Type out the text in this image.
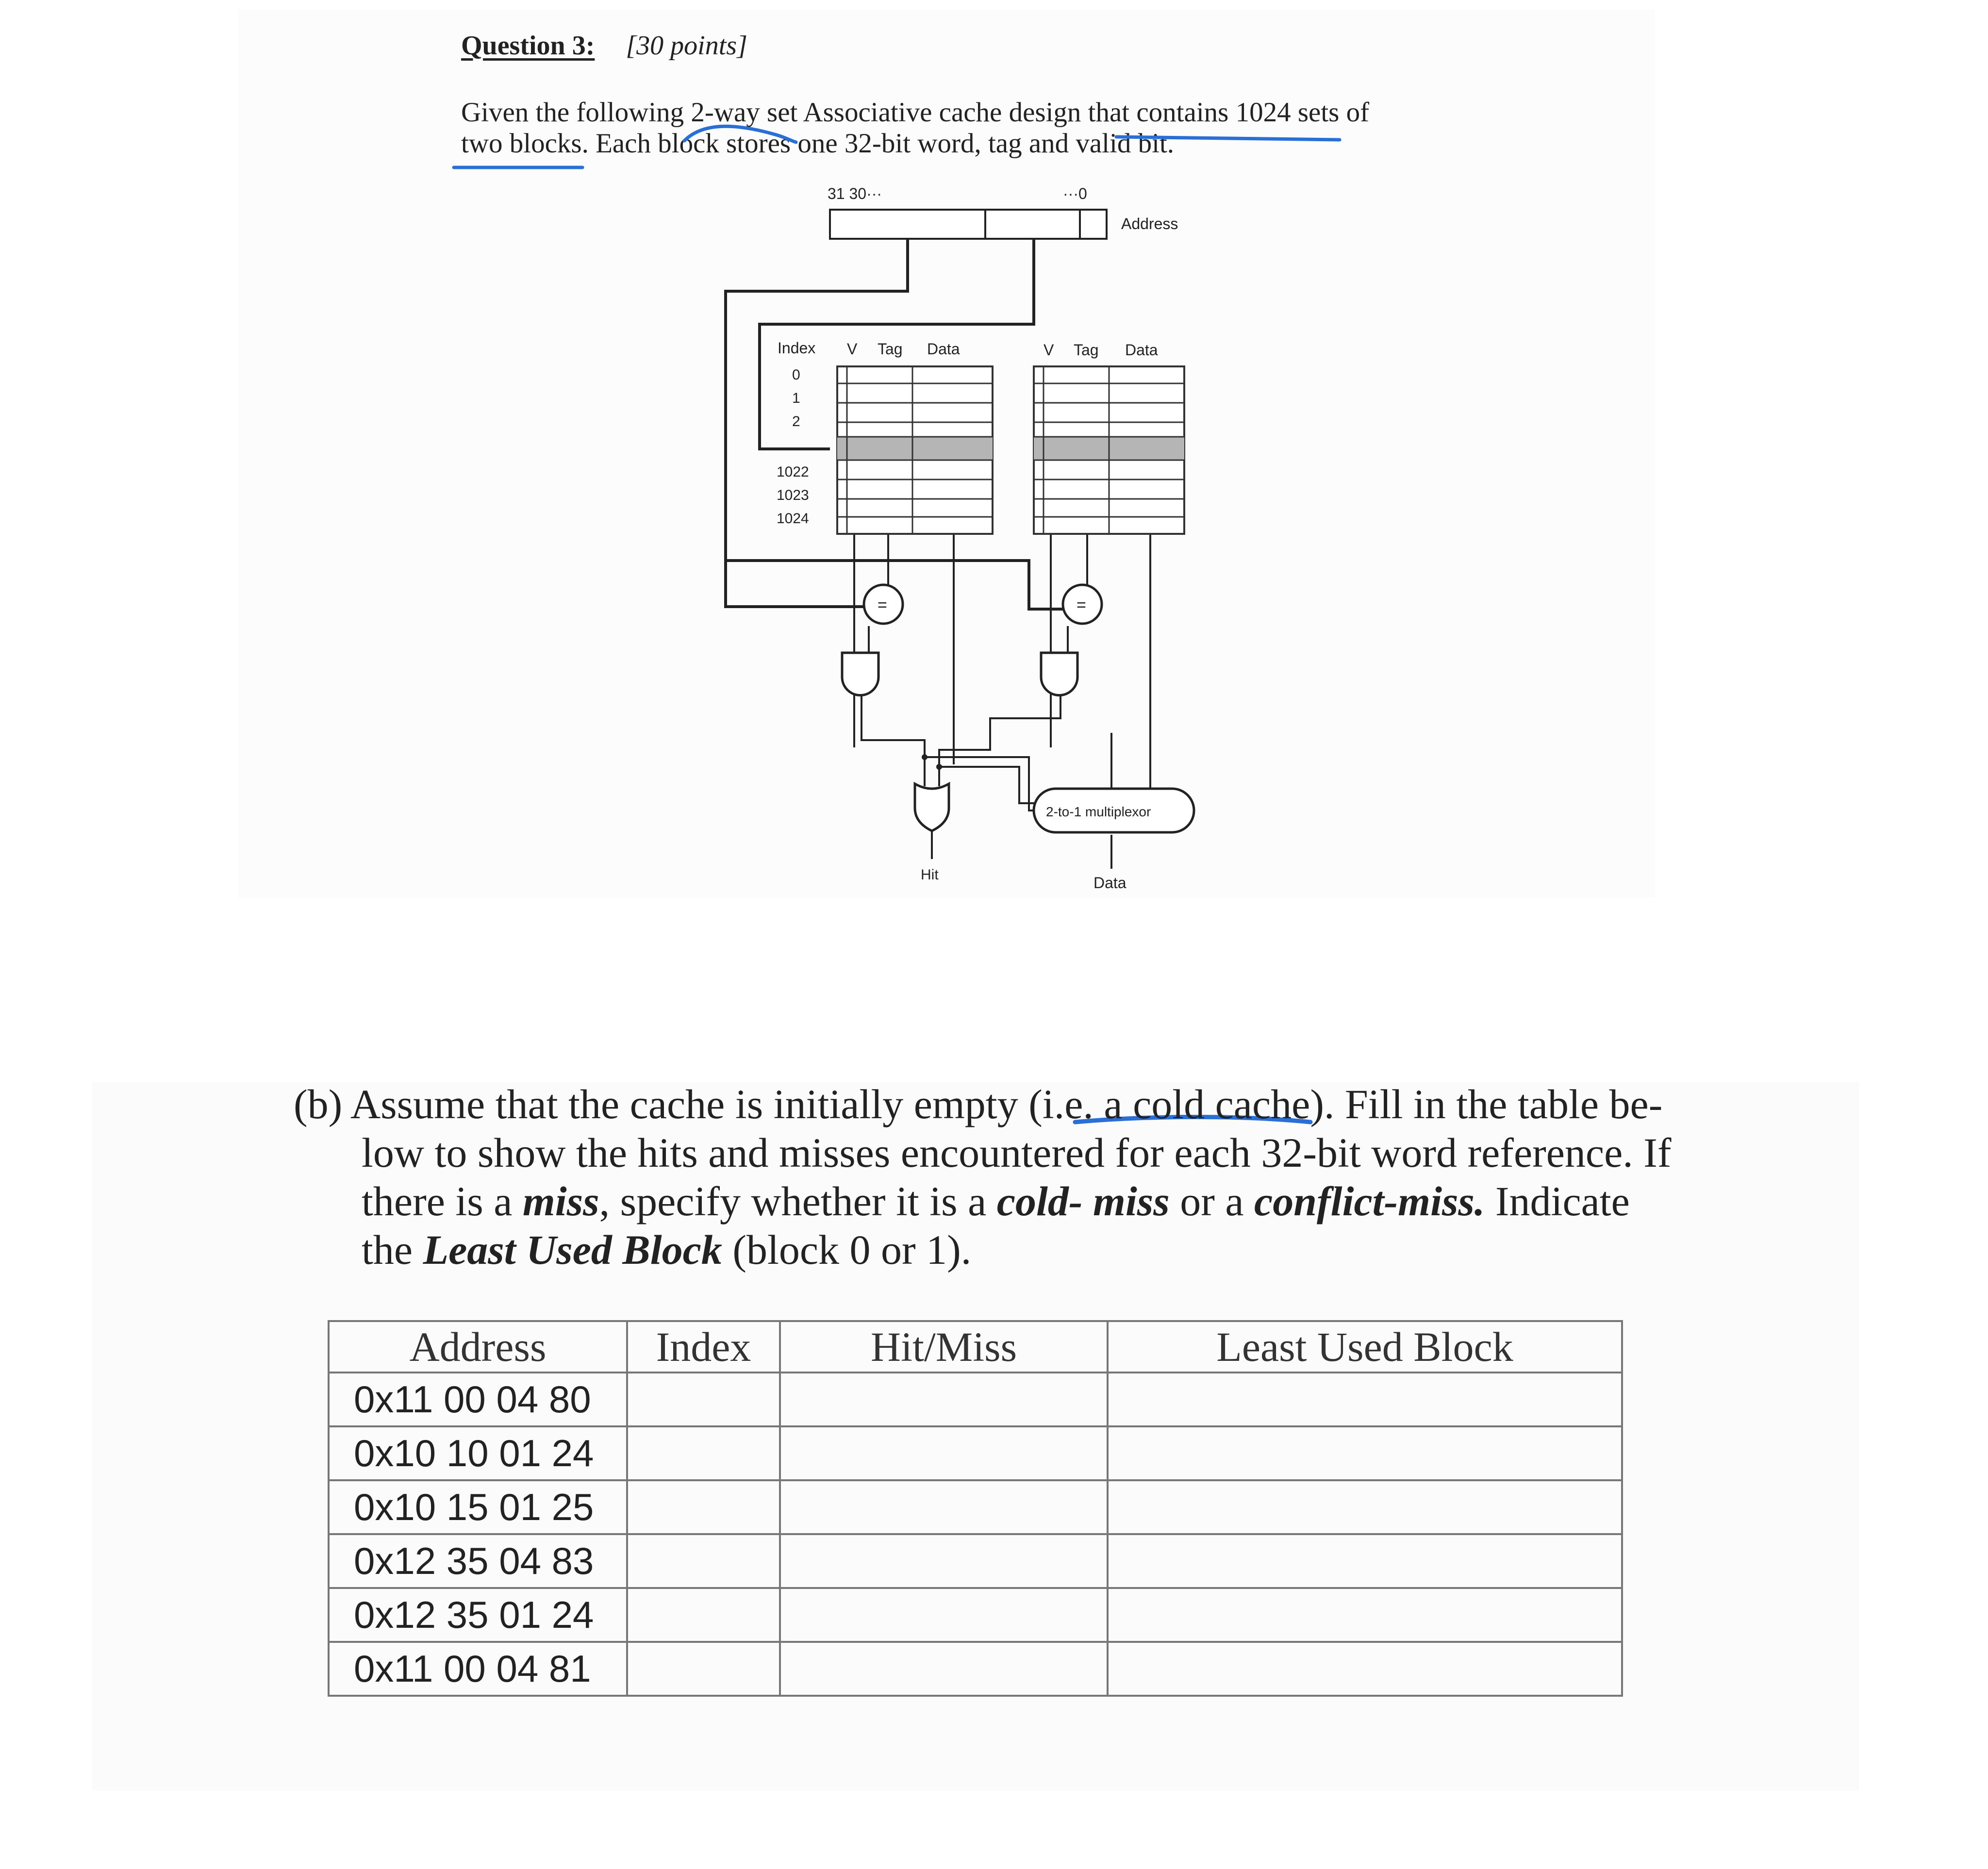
Question 3: [30 points]

Given the following 2-way set Associative cache design that contains 1024 sets of

two blocks. Each block stores one 32-bit word, tag and valid bit.

31 30···	···0
Address
Index
0
1
2
1022
1023
1024
V Tag Data	V Tag Data
=	=
2-to-1 multiplexor
Hit	Data

(b) Assume that the cache is initially empty (i.e. a cold cache). Fill in the table be-

low to show the hits and misses encountered for each 32-bit word reference. If

there is a miss, specify whether it is a cold- miss or a conflict-miss. Indicate

the Least Used Block (block 0 or 1).

Address	Index	Hit/Miss	Least Used Block
0x11 00 04 80			
0x10 10 01 24			
0x10 15 01 25			
0x12 35 04 83			
0x12 35 01 24			
0x11 00 04 81			
